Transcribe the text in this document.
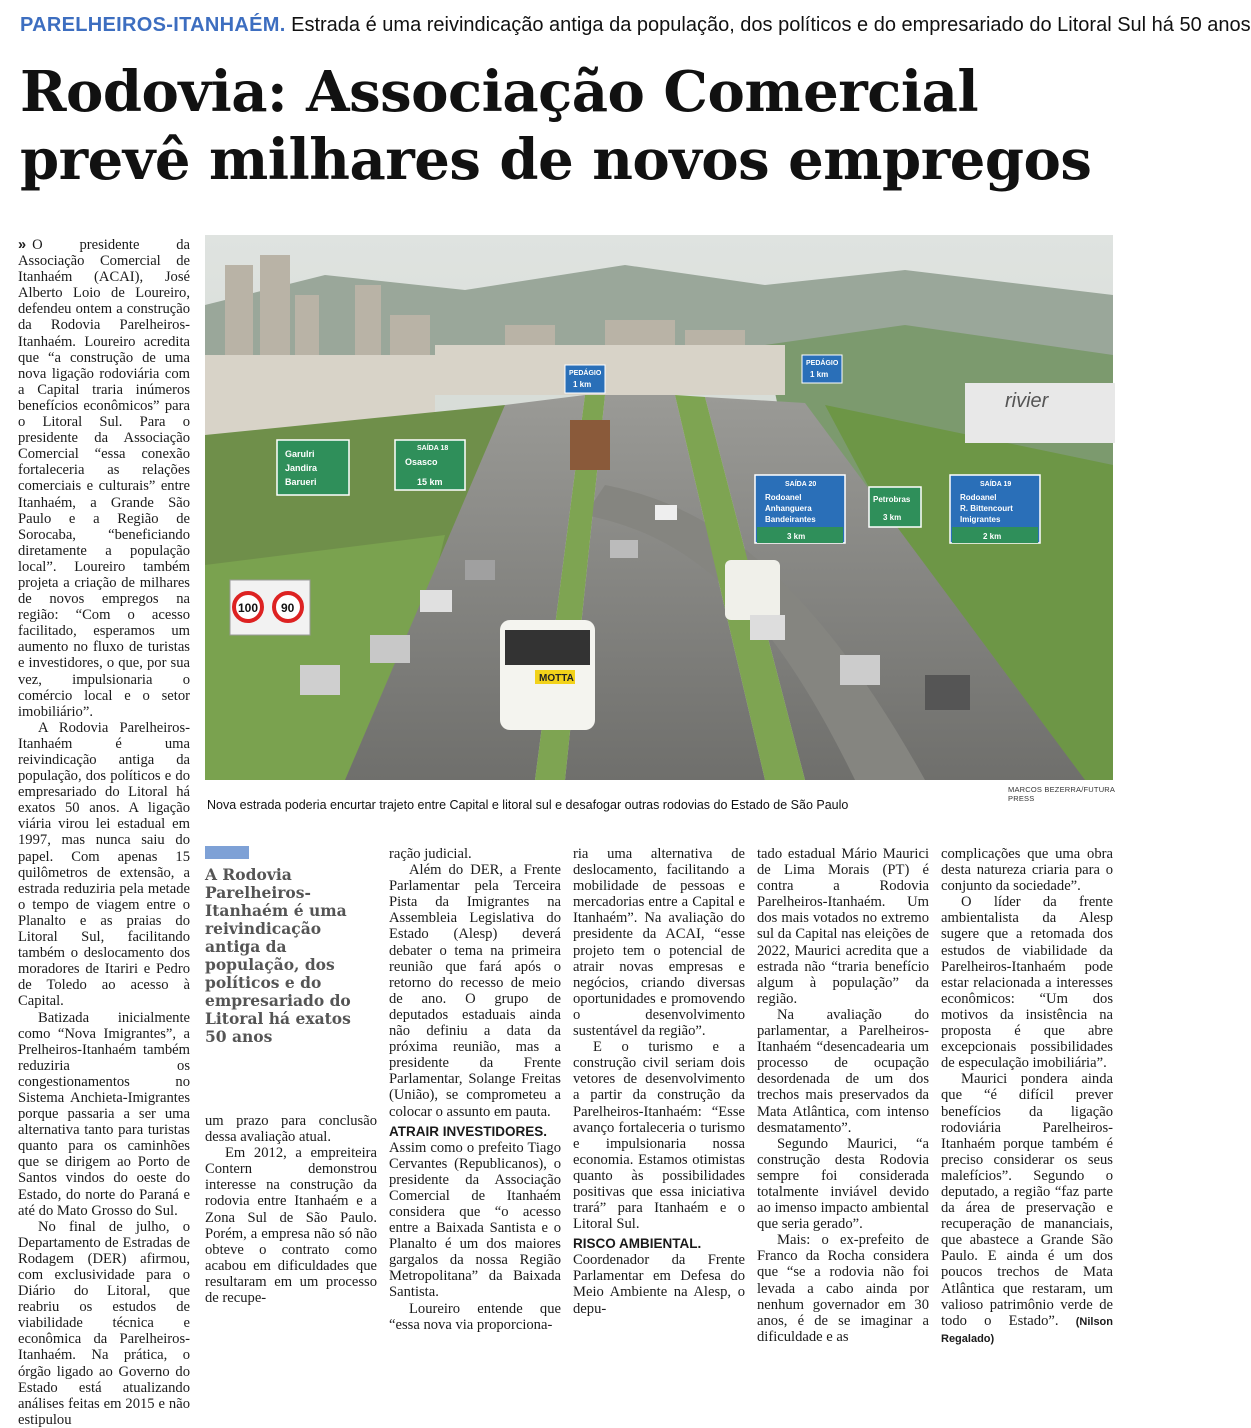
PARELHEIROS-ITANHAÉM. Estrada é uma reivindicação antiga da população, dos políticos e do empresariado do Litoral Sul há 50 anos
Rodovia: Associação Comercial prevê milhares de novos empregos

» O presidente da Associação Comercial de Itanhaém (ACAI), José Alberto Loio de Loureiro, defendeu ontem a construção da Rodovia Parelheiros-Itanhaém. Loureiro acredita que “a construção de uma nova ligação rodoviária com a Capital traria inúmeros benefícios econômicos” para o Litoral Sul. Para o presidente da Associação Comercial “essa conexão fortaleceria as relações comerciais e culturais” entre Itanhaém, a Grande São Paulo e a Região de Sorocaba, “beneficiando diretamente a população local”. Loureiro também projeta a criação de milhares de novos empregos na região: “Com o acesso facilitado, esperamos um aumento no fluxo de turistas e investidores, o que, por sua vez, impulsionaria o comércio local e o setor imobiliário”.

A Rodovia Parelheiros-Itanhaém é uma reivindicação antiga da população, dos políticos e do empresariado do Litoral há exatos 50 anos. A ligação viária virou lei estadual em 1997, mas nunca saiu do papel. Com apenas 15 quilômetros de extensão, a estrada reduziria pela metade o tempo de viagem entre o Planalto e as praias do Litoral Sul, facilitando também o deslocamento dos moradores de Itariri e Pedro de Toledo ao acesso à Capital.

Batizada inicialmente como “Nova Imigrantes”, a Prelheiros-Itanhaém também reduziria os congestionamentos no Sistema Anchieta-Imigrantes porque passaria a ser uma alternativa tanto para turistas quanto para os caminhões que se dirigem ao Porto de Santos vindos do oeste do Estado, do norte do Paraná e até do Mato Grosso do Sul.

No final de julho, o Departamento de Estradas de Rodagem (DER) afirmou, com exclusividade para o Diário do Litoral, que reabriu os estudos de viabilidade técnica e econômica da Parelheiros-Itanhaém. Na prática, o órgão ligado ao Governo do Estado está atualizando análises feitas em 2015 e não estipulou

Garulri
Jandira
Barueri
SAÍDA 18
Osasco
15 km
PEDÁGIO
1 km
PEDÁGIO
1 km
SAÍDA 20
Rodoanel
Anhanguera
Bandeirantes
3 km
Petrobras
3 km
SAÍDA 19
Rodoanel
R. Bittencourt
Imigrantes
2 km
rivier
100 90
MOTTA
MARCOS BEZERRA/FUTURA PRESS
Nova estrada poderia encurtar trajeto entre Capital e litoral sul e desafogar outras rodovias do Estado de São Paulo
A Rodovia Parelheiros-Itanhaém é uma reivindicação antiga da população, dos políticos e do empresariado do Litoral há exatos 50 anos

um prazo para conclusão dessa avaliação atual.

Em 2012, a empreiteira Contern demonstrou interesse na construção da rodovia entre Itanhaém e a Zona Sul de São Paulo. Porém, a empresa não só não obteve o contrato como acabou em dificuldades que resultaram em um processo de recupe-

ração judicial.

Além do DER, a Frente Parlamentar pela Terceira Pista da Imigrantes na Assembleia Legislativa do Estado (Alesp) deverá debater o tema na primeira reunião que fará após o retorno do recesso de meio de ano. O grupo de deputados estaduais ainda não definiu a data da próxima reunião, mas a presidente da Frente Parlamentar, Solange Freitas (União), se comprometeu a colocar o assunto em pauta.

ATRAIR INVESTIDORES.

Assim como o prefeito Tiago Cervantes (Republicanos), o presidente da Associação Comercial de Itanhaém considera que “o acesso entre a Baixada Santista e o Planalto é um dos maiores gargalos da nossa Região Metropolitana” da Baixada Santista.

Loureiro entende que “essa nova via proporciona-

ria uma alternativa de deslocamento, facilitando a mobilidade de pessoas e mercadorias entre a Capital e Itanhaém”. Na avaliação do presidente da ACAI, “esse projeto tem o potencial de atrair novas empresas e negócios, criando diversas oportunidades e promovendo o desenvolvimento sustentável da região”.

E o turismo e a construção civil seriam dois vetores de desenvolvimento a partir da construção da Parelheiros-Itanhaém: “Esse avanço fortaleceria o turismo e impulsionaria nossa economia. Estamos otimistas quanto às possibilidades positivas que essa iniciativa trará” para Itanhaém e o Litoral Sul.

RISCO AMBIENTAL.

Coordenador da Frente Parlamentar em Defesa do Meio Ambiente na Alesp, o depu-

tado estadual Mário Maurici de Lima Morais (PT) é contra a Rodovia Parelheiros-Itanhaém. Um dos mais votados no extremo sul da Capital nas eleições de 2022, Maurici acredita que a estrada não “traria benefício algum à população” da região.

Na avaliação do parlamentar, a Parelheiros-Itanhaém “desencadearia um processo de ocupação desordenada de um dos trechos mais preservados da Mata Atlântica, com intenso desmatamento”.

Segundo Maurici, “a construção desta Rodovia sempre foi considerada totalmente inviável devido ao imenso impacto ambiental que seria gerado”.

Mais: o ex-prefeito de Franco da Rocha considera que “se a rodovia não foi levada a cabo ainda por nenhum governador em 30 anos, é de se imaginar a dificuldade e as

complicações que uma obra desta natureza criaria para o conjunto da sociedade”.

O líder da frente ambientalista da Alesp sugere que a retomada dos estudos de viabilidade da Parelheiros-Itanhaém pode estar relacionada a interesses econômicos: “Um dos motivos da insistência na proposta é que abre excepcionais possibilidades de especulação imobiliária”.

Maurici pondera ainda que “é difícil prever benefícios da ligação rodoviária Parelheiros-Itanhaém porque também é preciso considerar os seus malefícios”. Segundo o deputado, a região “faz parte da área de preservação e recuperação de mananciais, que abastece a Grande São Paulo. E ainda é um dos poucos trechos de Mata Atlântica que restaram, um valioso patrimônio verde de todo o Estado”. (Nilson Regalado)
